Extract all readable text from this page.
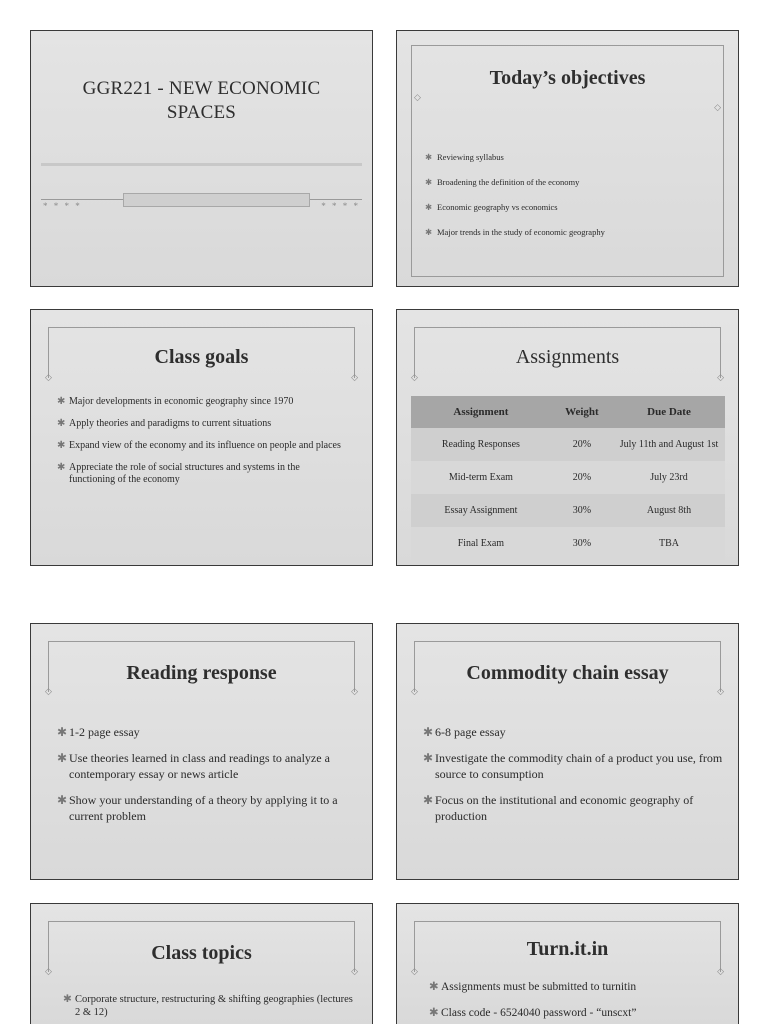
GGR221 - NEW ECONOMIC SPACES
* * * *	* * * *
◇
◇
Today’s objectives
✱ Reviewing syllabus
✱ Broadening the definition of the economy
✱ Economic geography vs economics
✱ Major trends in the study of economic geography
◇	◇
Class goals
✱ Major developments in economic geography since 1970
✱ Apply theories and paradigms to current situations
✱ Expand view of the economy and its influence on people and places
✱ Appreciate the role of social structures and systems in the functioning of the economy
◇	◇
Assignments
Assignment	Weight	Due Date
Reading Responses	20%	July 11th and August 1st
Mid-term Exam	20%	July 23rd
Essay Assignment	30%	August 8th
Final Exam	30%	TBA
◇	◇
Reading response
✱ 1-2 page essay
✱ Use theories learned in class and readings to analyze a contemporary essay or news article
✱ Show your understanding of a theory by applying it to a current problem
◇	◇
Commodity chain essay
✱ 6-8 page essay
✱ Investigate the commodity chain of a product you use, from source to consumption
✱ Focus on the institutional and economic geography of production
◇	◇
Class topics
✱ Corporate structure, restructuring & shifting geographies (lectures 2 & 12)
◇	◇
Turn.it.in
✱ Assignments must be submitted to turnitin
✱ Class code - 6524040 password - “unscxt”
